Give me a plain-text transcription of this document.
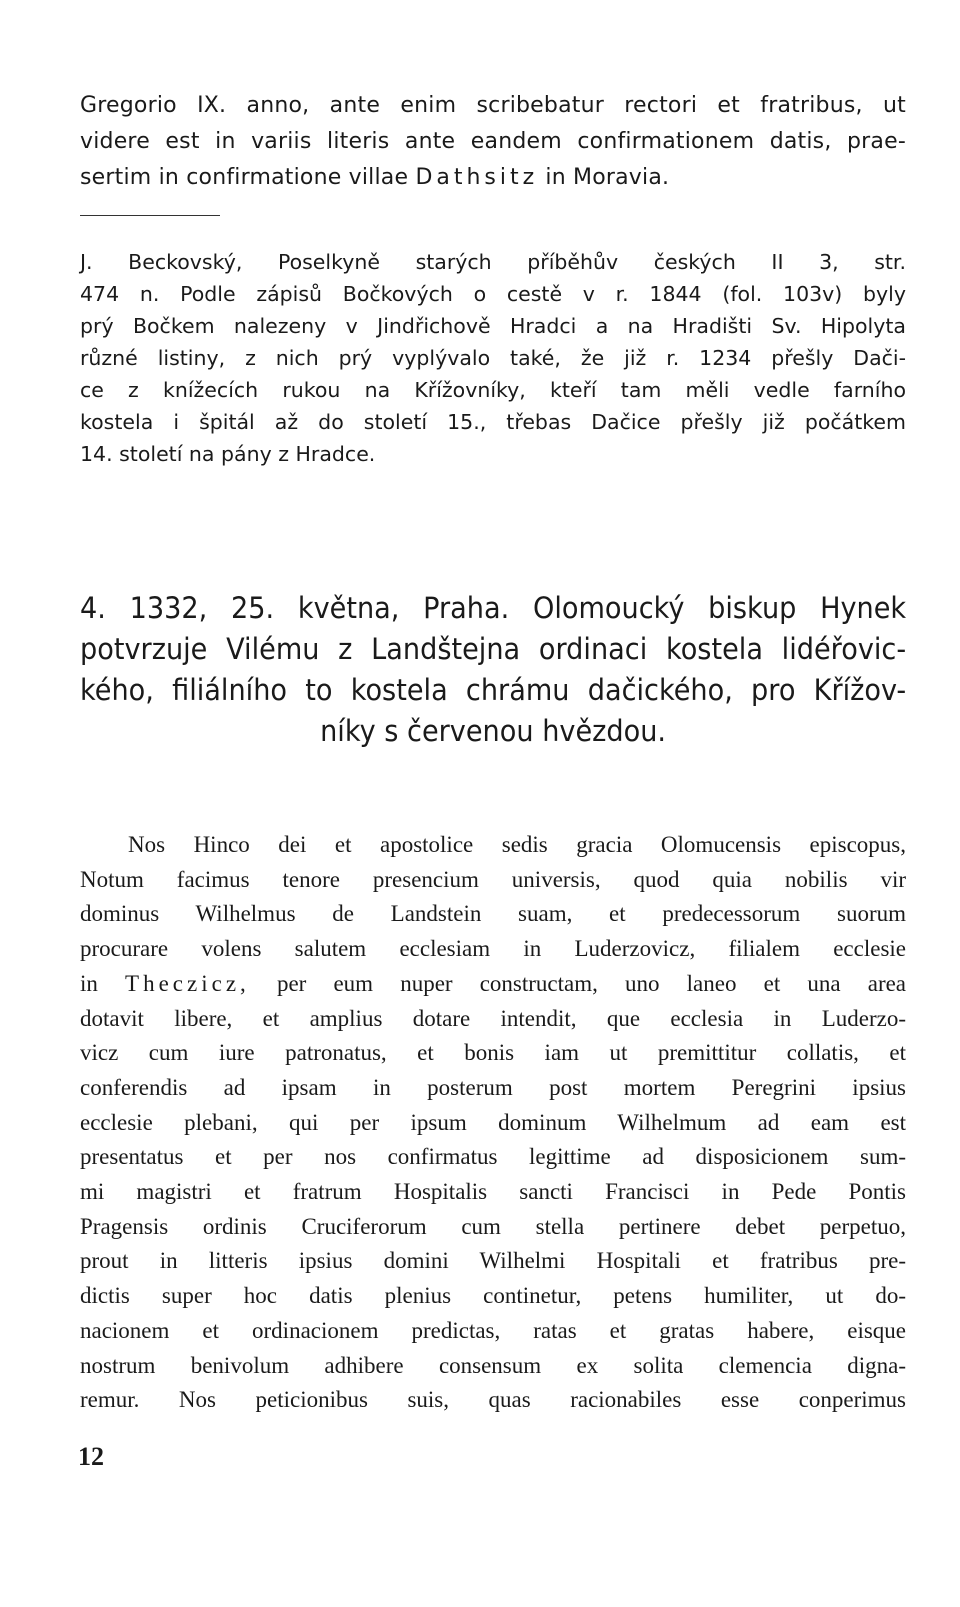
Gregorio IX. anno, ante enim scribebatur rectori et fratribus, ut
videre est in variis literis ante eandem confirmationem datis, prae-
sertim in confirmatione villae Dathsitz in Moravia.
J. Beckovský, Poselkyně starých příběhův českých II 3, str.
474 n. Podle zápisů Bočkových o cestě v r. 1844 (fol. 103v) byly
prý Bočkem nalezeny v Jindřichově Hradci a na Hradišti Sv. Hipolyta
různé listiny, z nich prý vyplývalo také, že již r. 1234 přešly Dači-
ce z knížecích rukou na Křížovníky, kteří tam měli vedle farního
kostela i špitál až do století 15., třebas Dačice přešly již počátkem
14. století na pány z Hradce.
4. 1332, 25. května, Praha. Olomoucký biskup Hynek
potvrzuje Vilému z Landštejna ordinaci kostela lidéřovic-
kého, filiálního to kostela chrámu dačického, pro Křížov-
níky s červenou hvězdou.
Nos Hinco dei et apostolice sedis gracia Olomucensis episcopus,
Notum facimus tenore presencium universis, quod quia nobilis vir
dominus Wilhelmus de Landstein suam, et predecessorum suorum
procurare volens salutem ecclesiam in Luderzovicz, filialem ecclesie
in Theczicz, per eum nuper constructam, uno laneo et una area
dotavit libere, et amplius dotare intendit, que ecclesia in Luderzo-
vicz cum iure patronatus, et bonis iam ut premittitur collatis, et
conferendis ad ipsam in posterum post mortem Peregrini ipsius
ecclesie plebani, qui per ipsum dominum Wilhelmum ad eam est
presentatus et per nos confirmatus legittime ad disposicionem sum-
mi magistri et fratrum Hospitalis sancti Francisci in Pede Pontis
Pragensis ordinis Cruciferorum cum stella pertinere debet perpetuo,
prout in litteris ipsius domini Wilhelmi Hospitali et fratribus pre-
dictis super hoc datis plenius continetur, petens humiliter, ut do-
nacionem et ordinacionem predictas, ratas et gratas habere, eisque
nostrum benivolum adhibere consensum ex solita clemencia digna-
remur. Nos peticionibus suis, quas racionabiles esse conperimus
12
